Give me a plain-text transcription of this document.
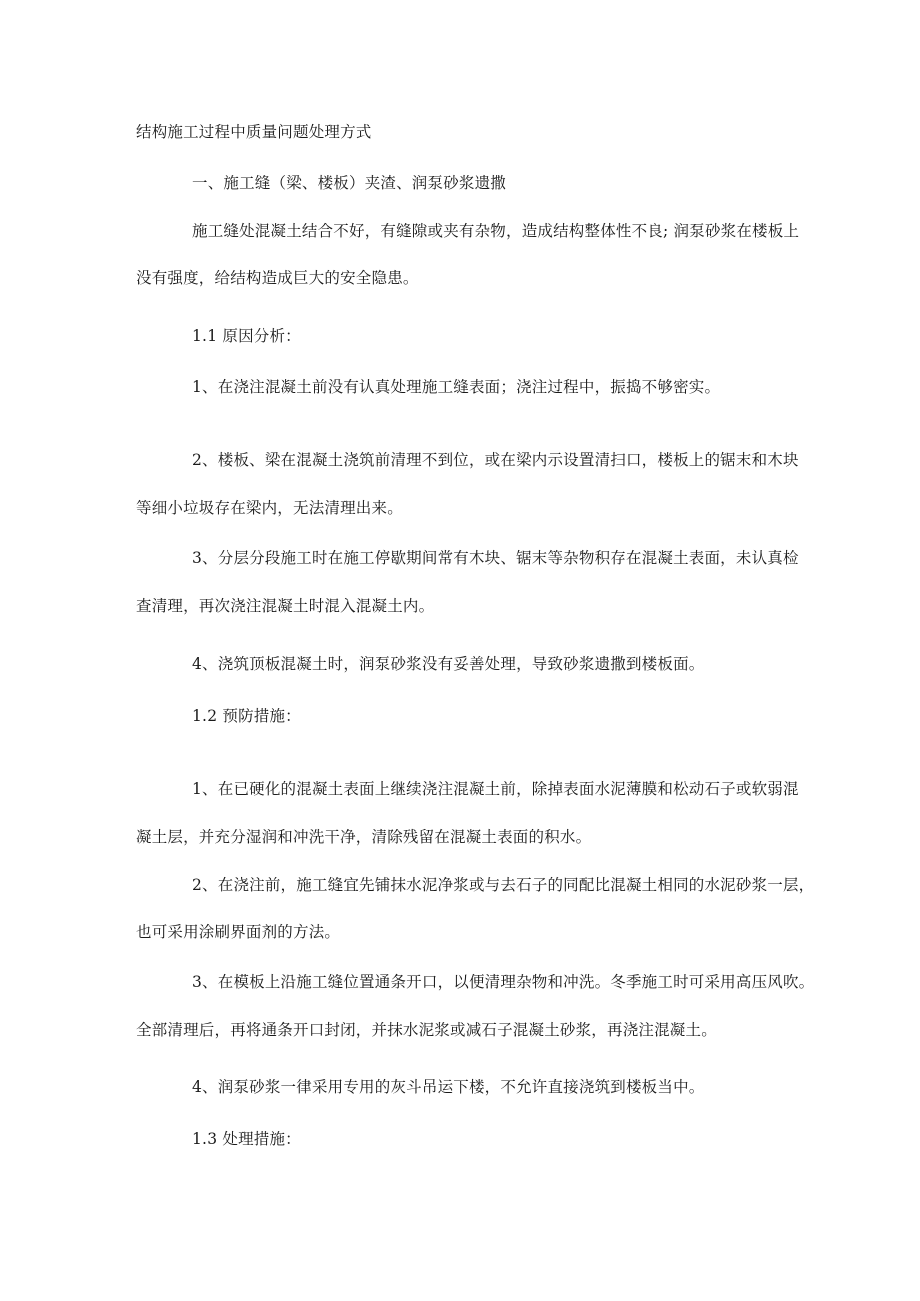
结构施工过程中质量问题处理方式
一、施工缝（梁、楼板）夹渣、润泵砂浆遗撒
施工缝处混凝土结合不好，有缝隙或夹有杂物，造成结构整体性不良; 润泵砂浆在楼板上
没有强度，给结构造成巨大的安全隐患。
1.1 原因分析：
1、在浇注混凝土前没有认真处理施工缝表面；浇注过程中，振捣不够密实。
2、楼板、梁在混凝土浇筑前清理不到位，或在梁内示设置清扫口，楼板上的锯末和木块
等细小垃圾存在梁内，无法清理出来。
3、分层分段施工时在施工停歇期间常有木块、锯末等杂物积存在混凝土表面，未认真检
查清理，再次浇注混凝土时混入混凝土内。
4、浇筑顶板混凝土时，润泵砂浆没有妥善处理，导致砂浆遗撒到楼板面。
1.2 预防措施：
1、在已硬化的混凝土表面上继续浇注混凝土前，除掉表面水泥薄膜和松动石子或软弱混
凝土层，并充分湿润和冲洗干净，清除残留在混凝土表面的积水。
2、在浇注前，施工缝宜先铺抹水泥净浆或与去石子的同配比混凝土相同的水泥砂浆一层，
也可采用涂刷界面剂的方法。
3、在模板上沿施工缝位置通条开口，以便清理杂物和冲洗。冬季施工时可采用高压风吹。
全部清理后，再将通条开口封闭，并抹水泥浆或减石子混凝土砂浆，再浇注混凝土。
4、润泵砂浆一律采用专用的灰斗吊运下楼，不允许直接浇筑到楼板当中。
1.3 处理措施：
